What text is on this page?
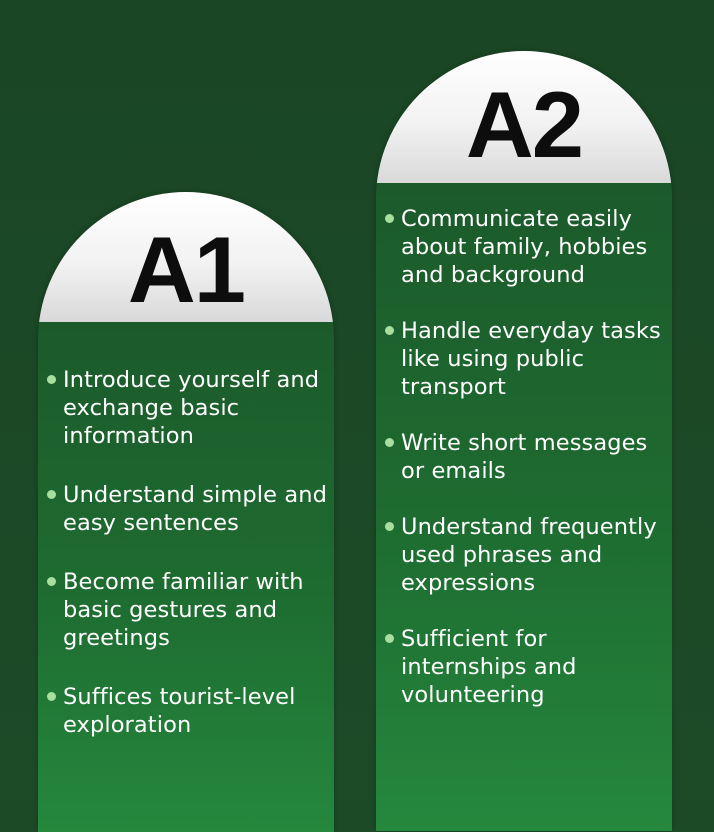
A1
Introduce yourself and exchange basic information
Understand simple and easy sentences
Become familiar with basic gestures and greetings
Suffices tourist-level exploration
A2
Communicate easily about family, hobbies and background
Handle everyday tasks like using public transport
Write short messages or emails
Understand frequently used phrases and expressions
Sufficient for internships and volunteering
